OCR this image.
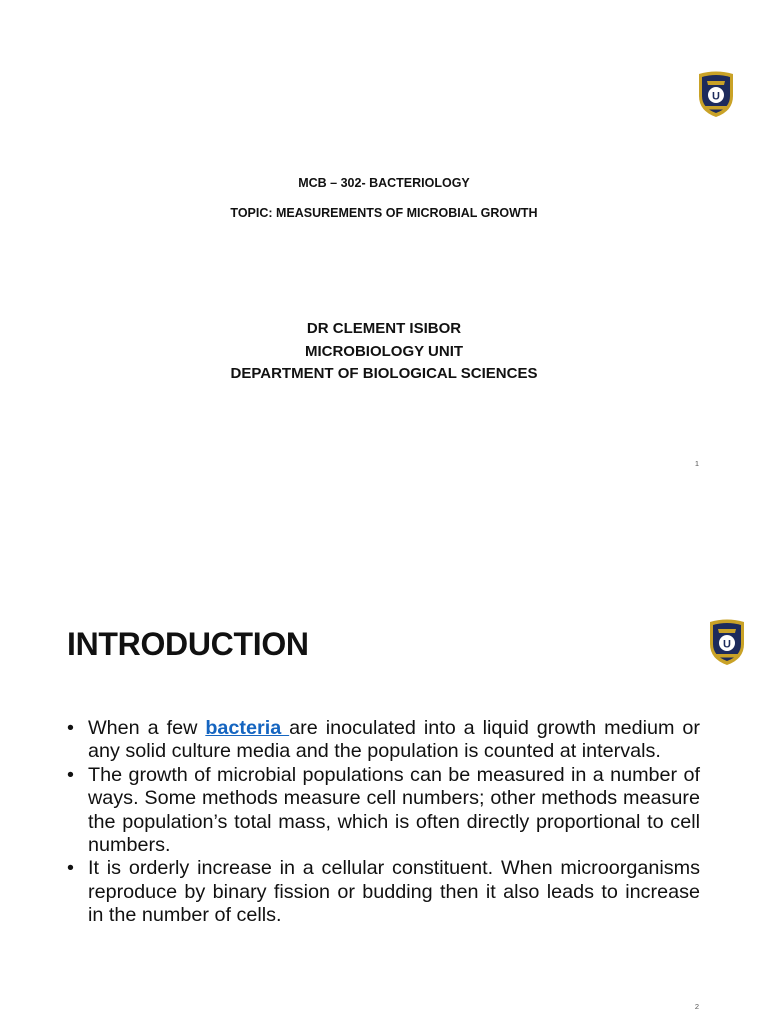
U
MCB – 302- BACTERIOLOGY
TOPIC: MEASUREMENTS OF MICROBIAL GROWTH
DR CLEMENT ISIBOR
MICROBIOLOGY UNIT
DEPARTMENT OF BIOLOGICAL SCIENCES
1
U
INTRODUCTION
• When a few bacteria are inoculated into a liquid growth medium or any solid culture media and the population is counted at intervals.
• The growth of microbial populations can be measured in a number of ways. Some methods measure cell numbers; other methods measure the population’s total mass, which is often directly proportional to cell numbers.
• It is orderly increase in a cellular constituent. When microorganisms reproduce by binary fission or budding then it also leads to increase in the number of cells.
2
